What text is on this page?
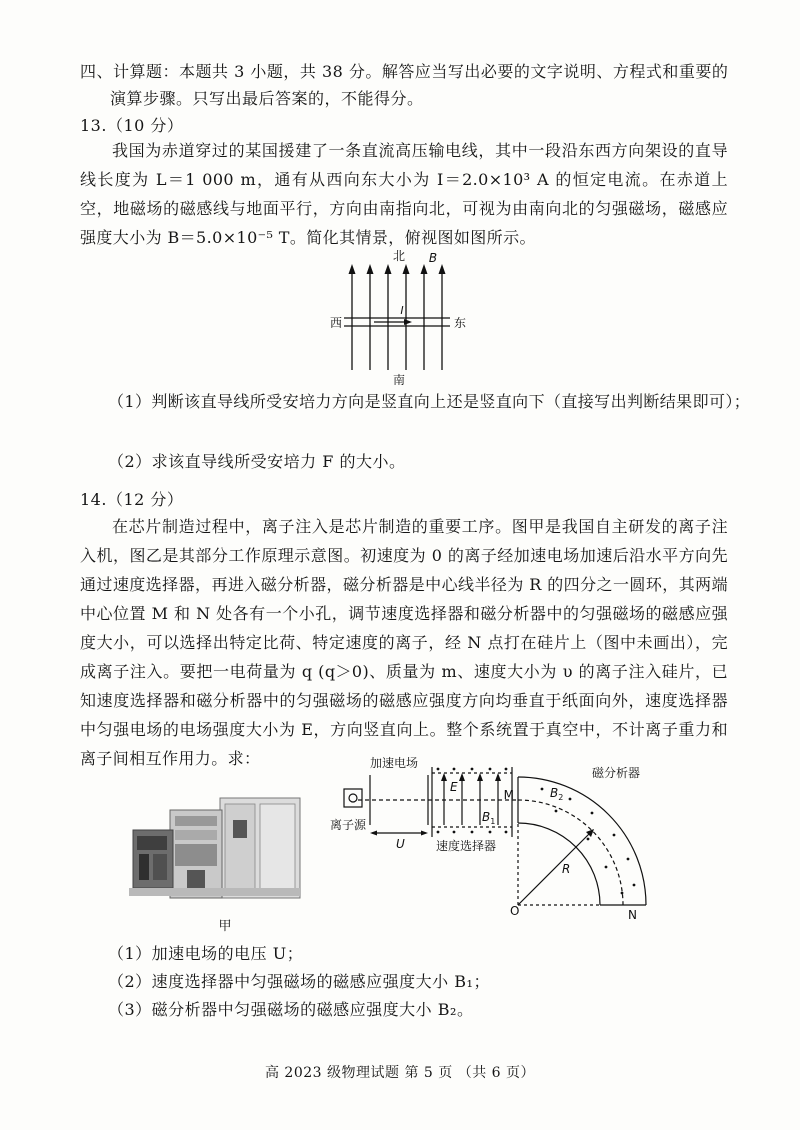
四、计算题：本题共 3 小题，共 38 分。解答应当写出必要的文字说明、方程式和重要的
演算步骤。只写出最后答案的，不能得分。
13.（10 分）
我国为赤道穿过的某国援建了一条直流高压输电线，其中一段沿东西方向架设的直导线长度为 L＝1 000 m，通有从西向东大小为 I＝2.0×10³ A 的恒定电流。在赤道上空，地磁场的磁感线与地面平行，方向由南指向北，可视为由南向北的匀强磁场，磁感应强度大小为 B＝5.0×10⁻⁵ T。简化其情景，俯视图如图所示。
北 B
西	东
I
南
（1）判断该直导线所受安培力方向是竖直向上还是竖直向下（直接写出判断结果即可）；
（2）求该直导线所受安培力 F 的大小。
14.（12 分）
在芯片制造过程中，离子注入是芯片制造的重要工序。图甲是我国自主研发的离子注入机，图乙是其部分工作原理示意图。初速度为 0 的离子经加速电场加速后沿水平方向先通过速度选择器，再进入磁分析器，磁分析器是中心线半径为 R 的四分之一圆环，其两端中心位置 M 和 N 处各有一个小孔，调节速度选择器和磁分析器中的匀强磁场的磁感应强度大小，可以选择出特定比荷、特定速度的离子，经 N 点打在硅片上（图中未画出），完成离子注入。要把一电荷量为 q (q＞0)、质量为 m、速度大小为 υ 的离子注入硅片，已知速度选择器和磁分析器中的匀强磁场的磁感应强度方向均垂直于纸面向外，速度选择器中匀强电场的电场强度大小为 E，方向竖直向上。整个系统置于真空中，不计离子重力和离子间相互作用力。求：
甲
加速电场
E
$B_1$
离子源
U	速度选择器
磁分析器
M	$B_2$
R
O	N
（1）加速电场的电压 U；
（2）速度选择器中匀强磁场的磁感应强度大小 B₁；
（3）磁分析器中匀强磁场的磁感应强度大小 B₂。
高 2023 级物理试题 第 5 页 （共 6 页）
